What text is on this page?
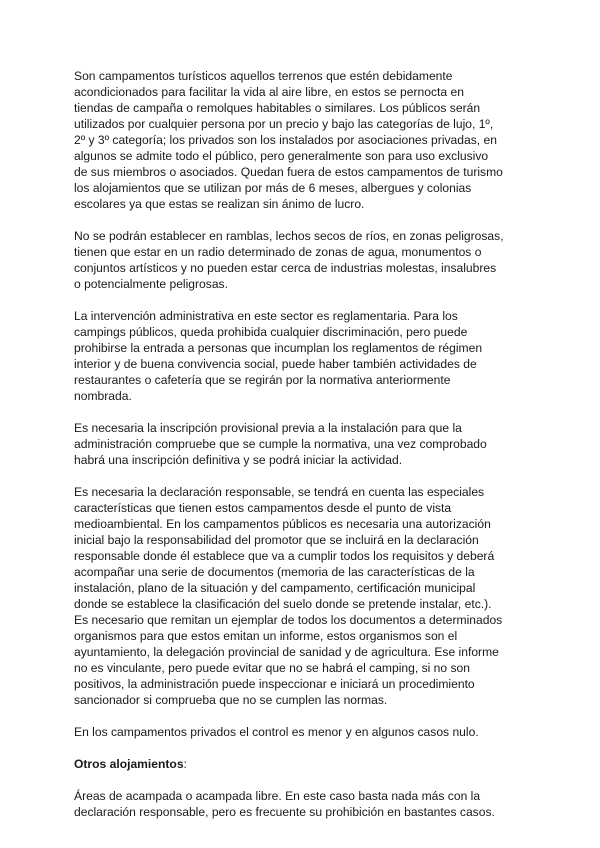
Son campamentos turísticos aquellos terrenos que estén debidamente acondicionados para facilitar la vida al aire libre, en estos se pernocta en tiendas de campaña o remolques habitables o similares. Los públicos serán utilizados por cualquier persona por un precio y bajo las categorías de lujo, 1º, 2º y 3º categoría; los privados son los instalados por asociaciones privadas, en algunos se admite todo el público, pero generalmente son para uso exclusivo de sus miembros o asociados. Quedan fuera de estos campamentos de turismo los alojamientos que se utilizan por más de 6 meses, albergues y colonias escolares ya que estas se realizan sin ánimo de lucro.

No se podrán establecer en ramblas, lechos secos de ríos, en zonas peligrosas, tienen que estar en un radio determinado de zonas de agua, monumentos o conjuntos artísticos y no pueden estar cerca de industrias molestas, insalubres o potencialmente peligrosas.

La intervención administrativa en este sector es reglamentaria. Para los campings públicos, queda prohibida cualquier discriminación, pero puede prohibirse la entrada a personas que incumplan los reglamentos de régimen interior y de buena convivencia social, puede haber también actividades de restaurantes o cafetería que se regirán por la normativa anteriormente nombrada.

Es necesaria la inscripción provisional previa a la instalación para que la administración compruebe que se cumple la normativa, una vez comprobado habrá una inscripción definitiva y se podrá iniciar la actividad.

Es necesaria la declaración responsable, se tendrá en cuenta las especiales características que tienen estos campamentos desde el punto de vista medioambiental. En los campamentos públicos es necesaria una autorización inicial bajo la responsabilidad del promotor que se incluirá en la declaración responsable donde él establece que va a cumplir todos los requisitos y deberá acompañar una serie de documentos (memoria de las características de la instalación, plano de la situación y del campamento, certificación municipal donde se establece la clasificación del suelo donde se pretende instalar, etc.). Es necesario que remitan un ejemplar de todos los documentos a determinados organismos para que estos emitan un informe, estos organismos son el ayuntamiento, la delegación provincial de sanidad y de agricultura. Ese informe no es vinculante, pero puede evitar que no se habrá el camping, si no son positivos, la administración puede inspeccionar e iniciará un procedimiento sancionador si comprueba que no se cumplen las normas.

En los campamentos privados el control es menor y en algunos casos nulo.

Otros alojamientos:

Áreas de acampada o acampada libre. En este caso basta nada más con la declaración responsable, pero es frecuente su prohibición en bastantes casos.
